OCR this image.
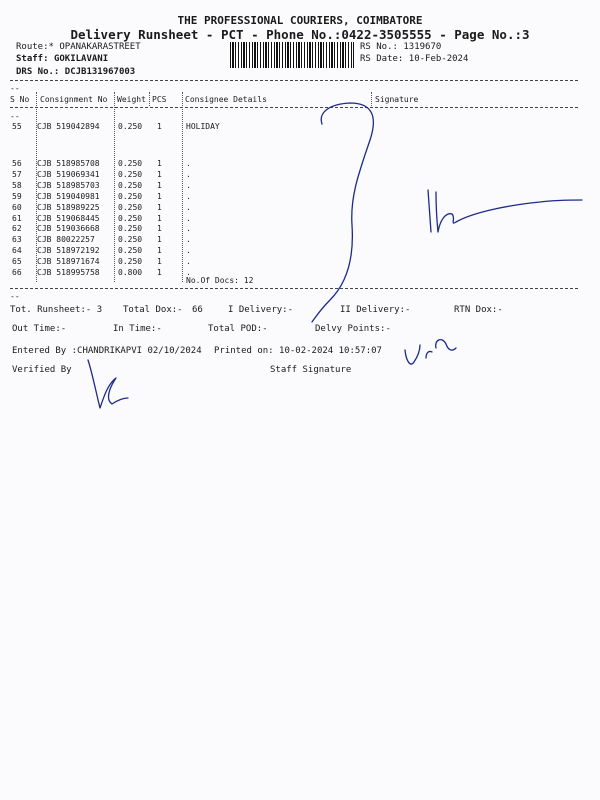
THE PROFESSIONAL COURIERS, COIMBATORE
Delivery Runsheet - PCT - Phone No.:0422-3505555 - Page No.:3
Route:* OPANAKARASTREET
Staff: GOKILAVANI
DRS No.: DCJB131967003
RS No.: 1319670
RS Date: 10-Feb-2024
--
S No Consignment No Weight PCS Consignee Details	Signature
--
55 CJB 519042894 0.250 1	HOLIDAY
56 CJB 518985708 0.250 1	.
57 CJB 519069341 0.250 1	.
58 CJB 518985703 0.250 1	.
59 CJB 519040981 0.250 1	.
60 CJB 518989225 0.250 1	.
61 CJB 519068445 0.250 1	.
62 CJB 519036668 0.250 1	.
63 CJB 80022257	0.250 1	.
64 CJB 518972192 0.250 1	.
65 CJB 518971674 0.250 1	.
66 CJB 518995758 0.800 1	.
No.Of Docs: 12
--
Tot. Runsheet:- 3 Total Dox:- 66	I Delivery:-	II Delivery:-	RTN Dox:-
Out Time:-	In Time:-	Total POD:-	Delvy Points:-
Entered By :CHANDRIKAPVI 02/10/2024 Printed on: 10-02-2024 10:57:07
Verified By	Staff Signature
